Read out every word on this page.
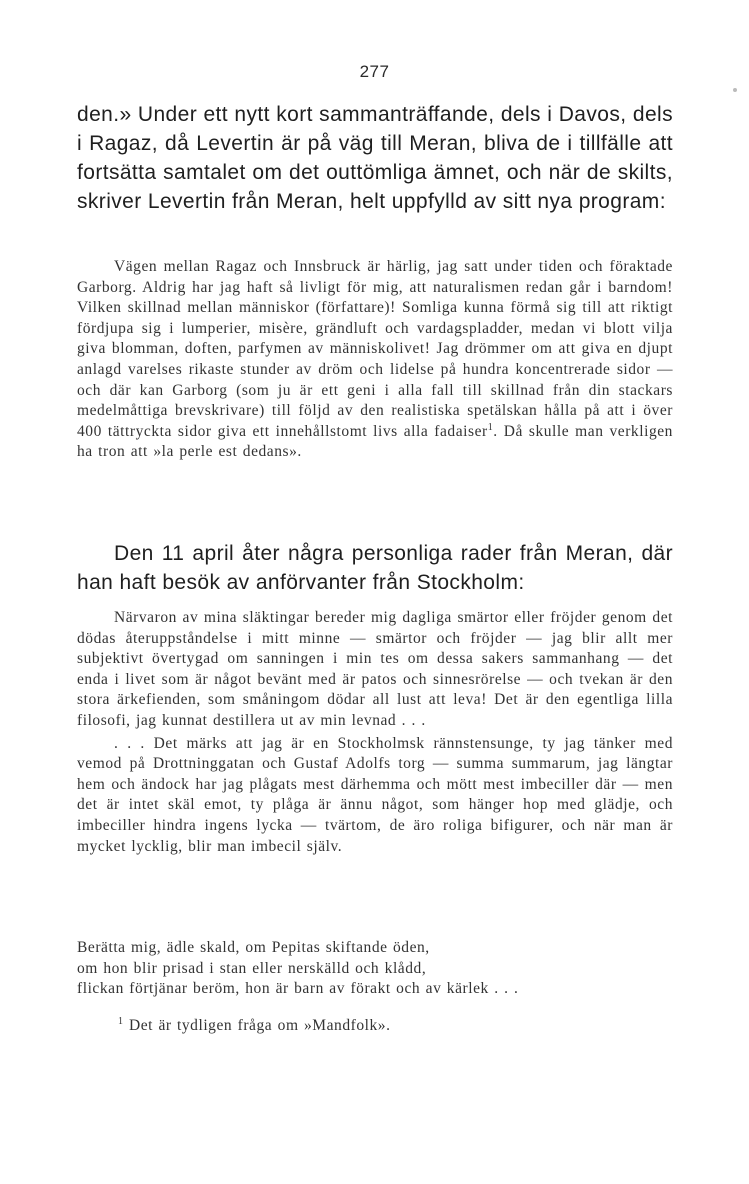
277

den.» Under ett nytt kort sammanträffande, dels i Davos, dels i Ragaz, då Levertin är på väg till Meran, bliva de i tillfälle att fortsätta samtalet om det outtömliga ämnet, och när de skilts, skriver Levertin från Meran, helt uppfylld av sitt nya program:

Vägen mellan Ragaz och Innsbruck är härlig, jag satt under tiden och föraktade Garborg. Aldrig har jag haft så livligt för mig, att naturalismen redan går i barndom! Vilken skillnad mellan människor (författare)! Somliga kunna förmå sig till att riktigt fördjupa sig i lumperier, misère, grändluft och vardagspladder, medan vi blott vilja giva blomman, doften, parfymen av människolivet! Jag drömmer om att giva en djupt anlagd varelses rikaste stunder av dröm och lidelse på hundra koncentrerade sidor — och där kan Garborg (som ju är ett geni i alla fall till skillnad från din stackars medelmåttiga brevskrivare) till följd av den realistiska spetälskan hålla på att i över 400 tättryckta sidor giva ett innehållstomt livs alla fadaiser$^1$. Då skulle man verkligen ha tron att »la perle est dedans».

Den 11 april åter några personliga rader från Meran, där han haft besök av anförvanter från Stockholm:

Närvaron av mina släktingar bereder mig dagliga smärtor eller fröjder genom det dödas återuppståndelse i mitt minne — smärtor och fröjder — jag blir allt mer subjektivt övertygad om sanningen i min tes om dessa sakers sammanhang — det enda i livet som är något bevänt med är patos och sinnesrörelse — och tvekan är den stora ärkefienden, som småningom dödar all lust att leva! Det är den egentliga lilla filosofi, jag kunnat destillera ut av min levnad . . .

. . . Det märks att jag är en Stockholmsk rännstensunge, ty jag tänker med vemod på Drottninggatan och Gustaf Adolfs torg — summa summarum, jag längtar hem och ändock har jag plågats mest därhemma och mött mest imbeciller där — men det är intet skäl emot, ty plåga är ännu något, som hänger hop med glädje, och imbeciller hindra ingens lycka — tvärtom, de äro roliga bifigurer, och när man är mycket lycklig, blir man imbecil själv.

Berätta mig, ädle skald, om Pepitas skiftande öden,

om hon blir prisad i stan eller nerskälld och klådd,

flickan förtjänar beröm, hon är barn av förakt och av kärlek . . .

$^1$ Det är tydligen fråga om »Mandfolk».
